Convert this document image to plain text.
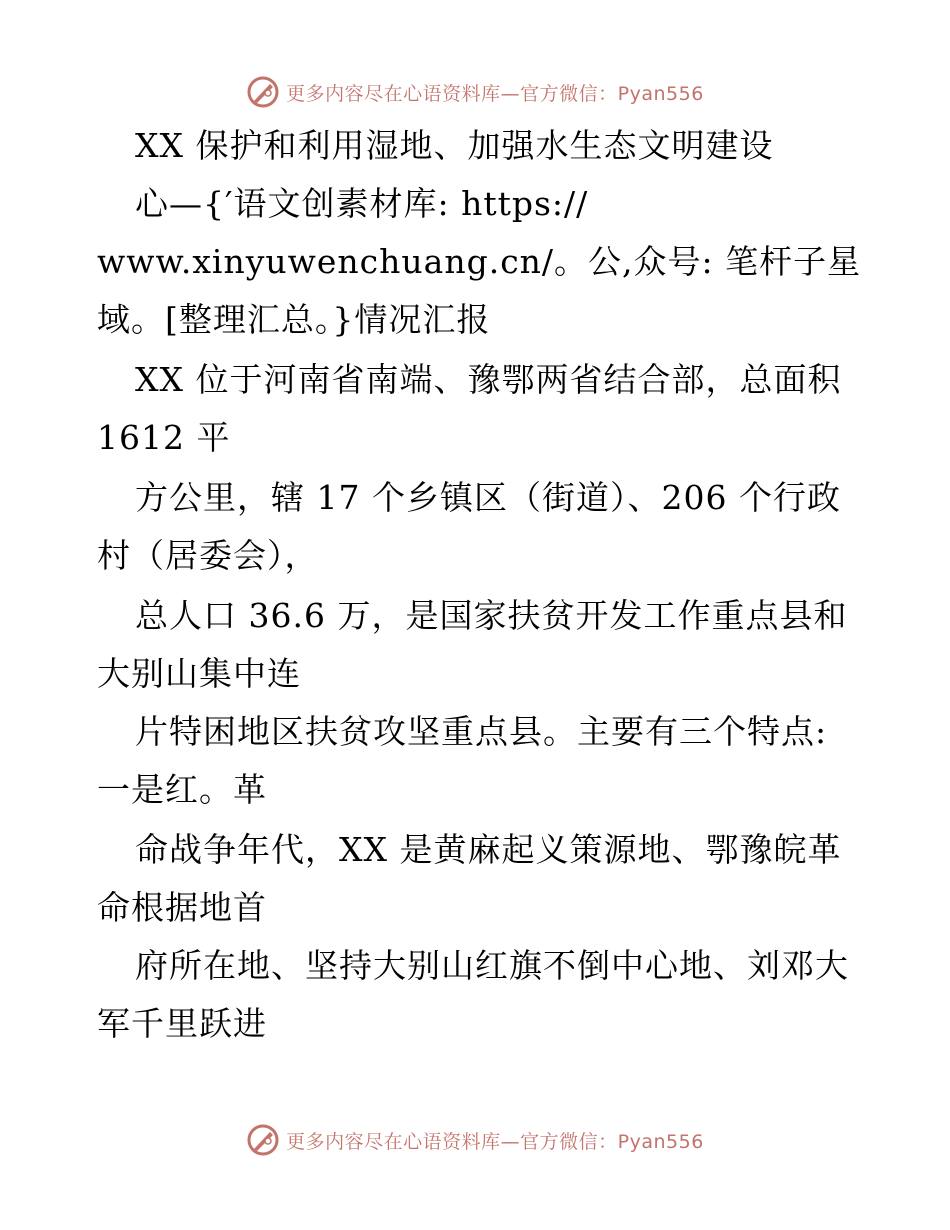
更多内容尽在心语资料库—官方微信：Pyan556
XX 保护和利用湿地、加强水生态文明建设
心—{′语文创素材库: https://
www.xinyuwenchuang.cn/。公,众号: 笔杆子星
域。[整理汇总。}情况汇报
XX 位于河南省南端、豫鄂两省结合部，总面积
1612 平
方公里，辖 17 个乡镇区（街道）、206 个行政
村（居委会），
总人口 36.6 万，是国家扶贫开发工作重点县和
大别山集中连
片特困地区扶贫攻坚重点县。主要有三个特点:
一是红。革
命战争年代，XX 是黄麻起义策源地、鄂豫皖革
命根据地首
府所在地、坚持大别山红旗不倒中心地、刘邓大
军千里跃进
更多内容尽在心语资料库—官方微信：Pyan556
